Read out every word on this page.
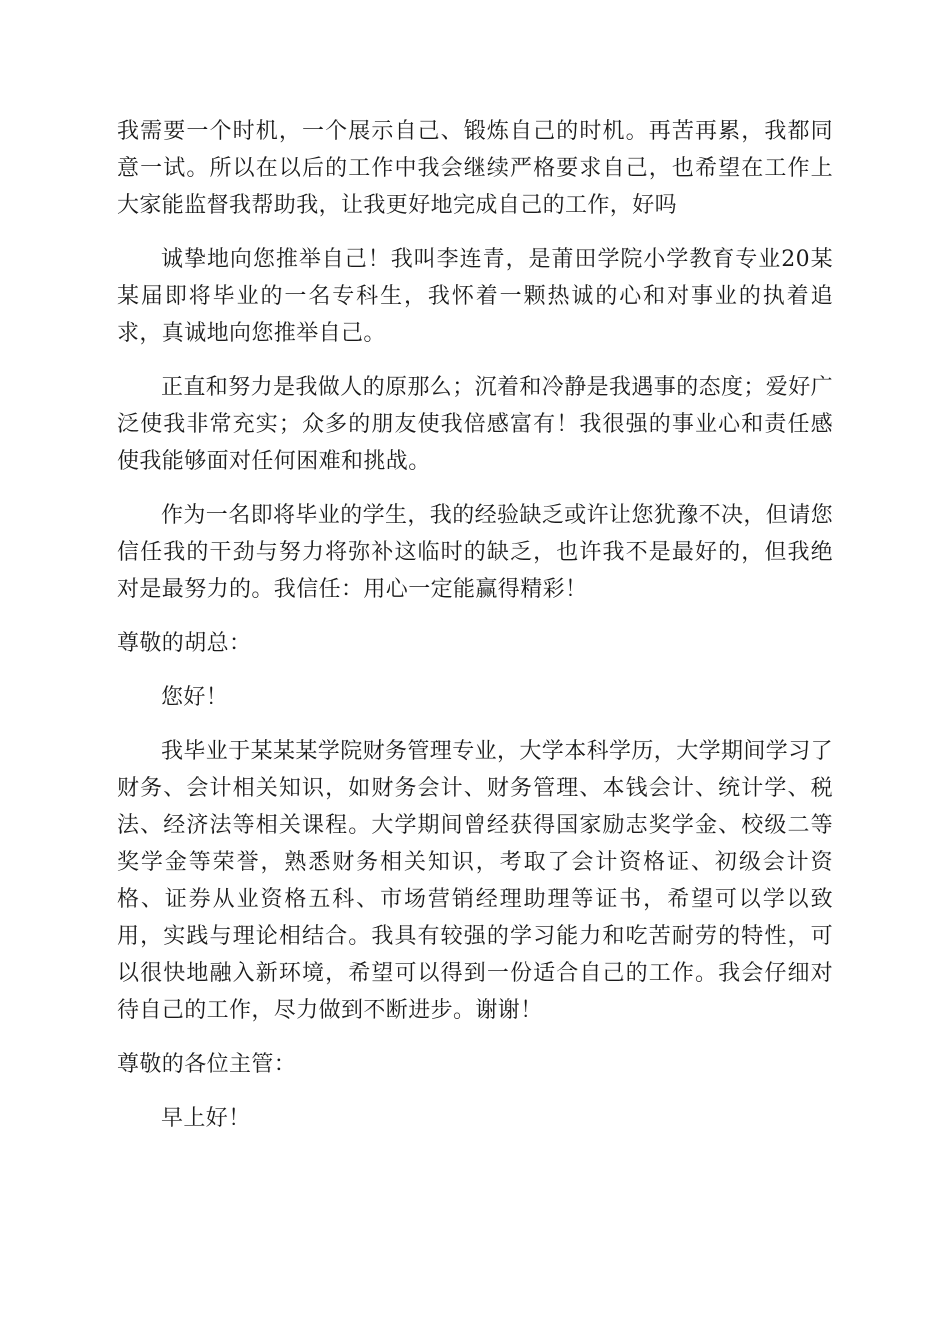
我需要一个时机，一个展示自己、锻炼自己的时机。再苦再累，我都同意一试。所以在以后的工作中我会继续严格要求自己，也希望在工作上大家能监督我帮助我，让我更好地完成自己的工作，好吗

诚挚地向您推举自己！我叫李连青，是莆田学院小学教育专业20某某届即将毕业的一名专科生，我怀着一颗热诚的心和对事业的执着追求，真诚地向您推举自己。

正直和努力是我做人的原那么；沉着和冷静是我遇事的态度；爱好广泛使我非常充实；众多的朋友使我倍感富有！我很强的事业心和责任感使我能够面对任何困难和挑战。

作为一名即将毕业的学生，我的经验缺乏或许让您犹豫不决，但请您信任我的干劲与努力将弥补这临时的缺乏，也许我不是最好的，但我绝对是最努力的。我信任：用心一定能赢得精彩！

尊敬的胡总：

您好！

我毕业于某某某学院财务管理专业，大学本科学历，大学期间学习了财务、会计相关知识，如财务会计、财务管理、本钱会计、统计学、税法、经济法等相关课程。大学期间曾经获得国家励志奖学金、校级二等奖学金等荣誉，熟悉财务相关知识，考取了会计资格证、初级会计资格、证券从业资格五科、市场营销经理助理等证书，希望可以学以致用，实践与理论相结合。我具有较强的学习能力和吃苦耐劳的特性，可以很快地融入新环境，希望可以得到一份适合自己的工作。我会仔细对待自己的工作，尽力做到不断进步。谢谢！

尊敬的各位主管：

早上好！
